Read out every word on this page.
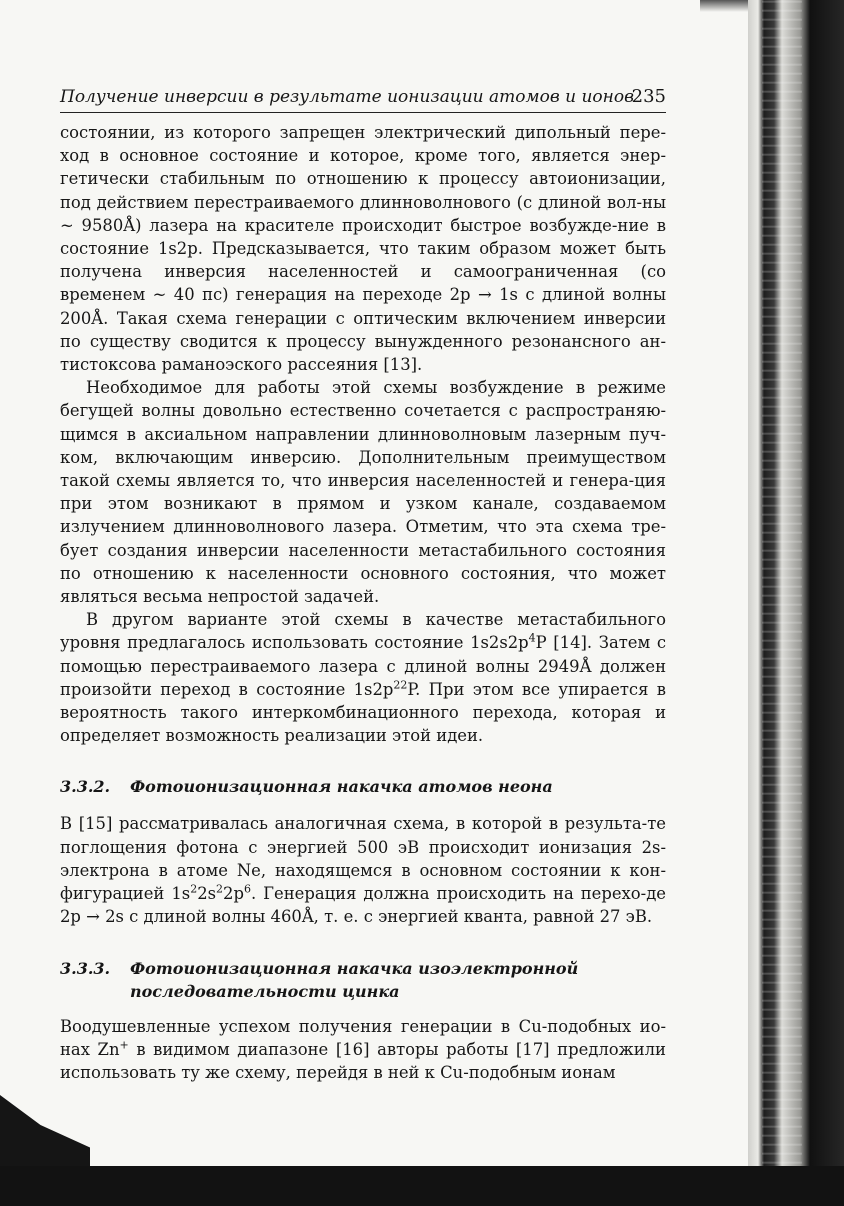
Получение инверсии в результате ионизации атомов и ионов
235

состоянии, из которого запрещен электрический дипольный пере-ход в основное состояние и которое, кроме того, является энер-гетически стабильным по отношению к процессу автоионизации, под действием перестраиваемого длинноволнового (с длиной вол-ны ~ 9580Å) лазера на красителе происходит быстрое возбужде-ние в состояние 1s2p. Предсказывается, что таким образом может быть получена инверсия населенностей и самоограниченная (со временем ~ 40 пс) генерация на переходе 2p → 1s с длиной волны 200Å. Такая схема генерации с оптическим включением инверсии по существу сводится к процессу вынужденного резонансного ан-тистоксова раманоэского рассеяния [13].

Необходимое для работы этой схемы возбуждение в режиме бегущей волны довольно естественно сочетается с распространяю-щимся в аксиальном направлении длинноволновым лазерным пуч-ком, включающим инверсию. Дополнительным преимуществом такой схемы является то, что инверсия населенностей и генера-ция при этом возникают в прямом и узком канале, создаваемом излучением длинноволнового лазера. Отметим, что эта схема тре-бует создания инверсии населенности метастабильного состояния по отношению к населенности основного состояния, что может являться весьма непростой задачей.

В другом варианте этой схемы в качестве метастабильного уровня предлагалось использовать состояние $1s2s2p^4P$ [14]. Затем с помощью перестраиваемого лазера с длиной волны 2949Å должен произойти переход в состояние $1s2p^{22}P$. При этом все упирается в вероятность такого интеркомбинационного перехода, которая и определяет возможность реализации этой идеи.

3.3.2.	Фотоионизационная накачка атомов неона

В [15] рассматривалась аналогичная схема, в которой в результа-те поглощения фотона с энергией 500 эВ происходит ионизация 2s-электрона в атоме Ne, находящемся в основном состоянии к кон-фигурацией $1s^22s^22p^6$. Генерация должна происходить на перехо-де 2p → 2s с длиной волны 460Å, т. е. с энергией кванта, равной 27 эВ.

3.3.3.	Фотоионизационная накачка изоэлектронной последовательности цинка

Воодушевленные успехом получения генерации в Cu-подобных ио-нах Zn+ в видимом диапазоне [16] авторы работы [17] предложили использовать ту же схему, перейдя в ней к Cu-подобным ионам
